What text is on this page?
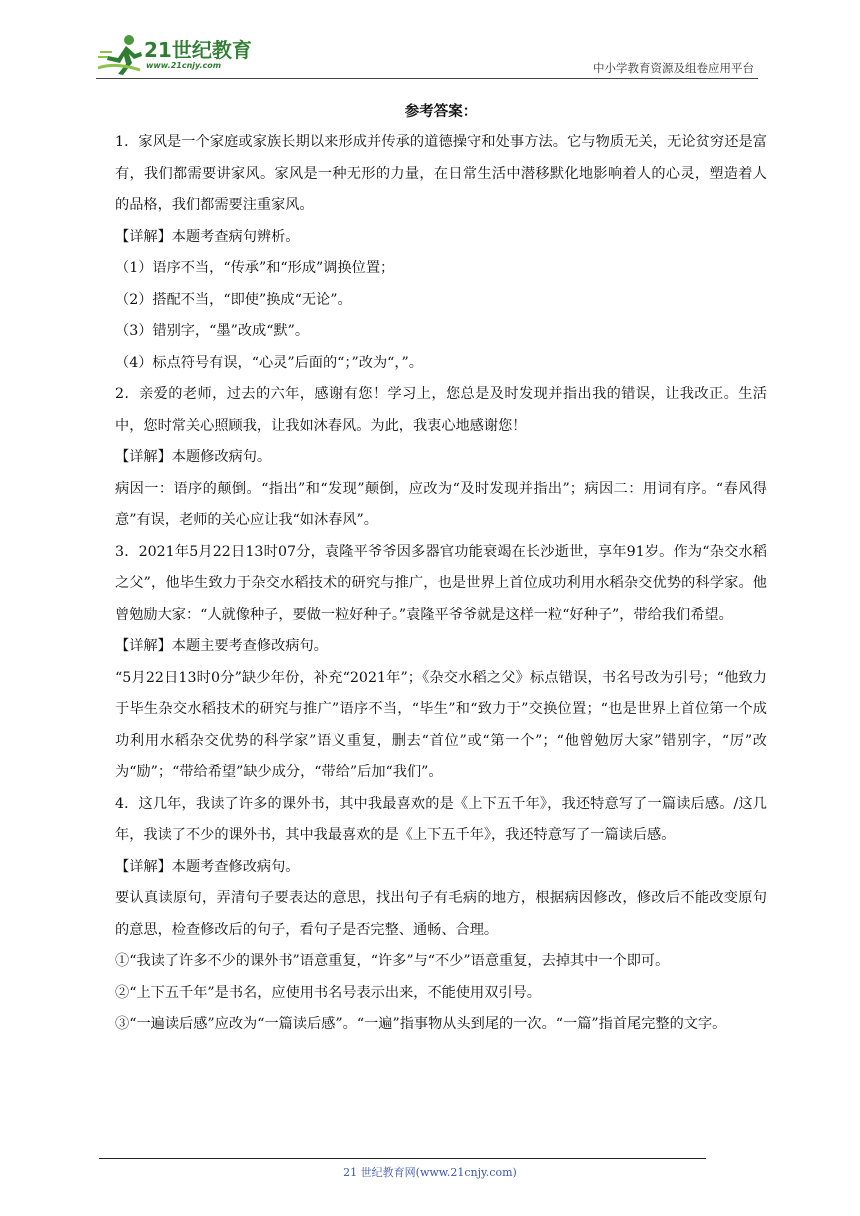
21世纪教育
www.21cnjy.com	中小学教育资源及组卷应用平台
参考答案：

1．家风是一个家庭或家族长期以来形成并传承的道德操守和处事方法。它与物质无关，无论贫穷还是富有，我们都需要讲家风。家风是一种无形的力量，在日常生活中潜移默化地影响着人的心灵，塑造着人的品格，我们都需要注重家风。

【详解】本题考查病句辨析。

（1）语序不当，“传承”和“形成”调换位置；

（2）搭配不当，“即使”换成“无论”。

（3）错别字，“墨”改成“默”。

（4）标点符号有误，“心灵”后面的“；”改为“，”。

2．亲爱的老师，过去的六年，感谢有您！学习上，您总是及时发现并指出我的错误，让我改正。生活中，您时常关心照顾我，让我如沐春风。为此，我衷心地感谢您！

【详解】本题修改病句。

病因一：语序的颠倒。“指出”和“发现”颠倒，应改为“及时发现并指出”；病因二：用词有序。“春风得意”有误，老师的关心应让我“如沐春风”。

3．2021年5月22日13时07分，袁隆平爷爷因多器官功能衰竭在长沙逝世，享年91岁。作为“杂交水稻之父”，他毕生致力于杂交水稻技术的研究与推广，也是世界上首位成功利用水稻杂交优势的科学家。他曾勉励大家：“人就像种子，要做一粒好种子。”袁隆平爷爷就是这样一粒“好种子”，带给我们希望。

【详解】本题主要考查修改病句。

“5月22日13时0分”缺少年份，补充“2021年”；《杂交水稻之父》标点错误，书名号改为引号；“他致力于毕生杂交水稻技术的研究与推广”语序不当，“毕生”和“致力于”交换位置；“也是世界上首位第一个成功利用水稻杂交优势的科学家”语义重复，删去“首位”或“第一个”；“他曾勉厉大家”错别字，“厉”改为“励”；“带给希望”缺少成分，“带给”后加“我们”。

4．这几年，我读了许多的课外书，其中我最喜欢的是《上下五千年》，我还特意写了一篇读后感。/这几年，我读了不少的课外书，其中我最喜欢的是《上下五千年》，我还特意写了一篇读后感。

【详解】本题考查修改病句。

要认真读原句，弄清句子要表达的意思，找出句子有毛病的地方，根据病因修改，修改后不能改变原句的意思，检查修改后的句子，看句子是否完整、通畅、合理。

①“我读了许多不少的课外书”语意重复，“许多”与“不少”语意重复，去掉其中一个即可。

②“上下五千年”是书名，应使用书名号表示出来，不能使用双引号。

③“一遍读后感”应改为“一篇读后感”。“一遍”指事物从头到尾的一次。“一篇”指首尾完整的文字。

21 世纪教育网(www.21cnjy.com)
